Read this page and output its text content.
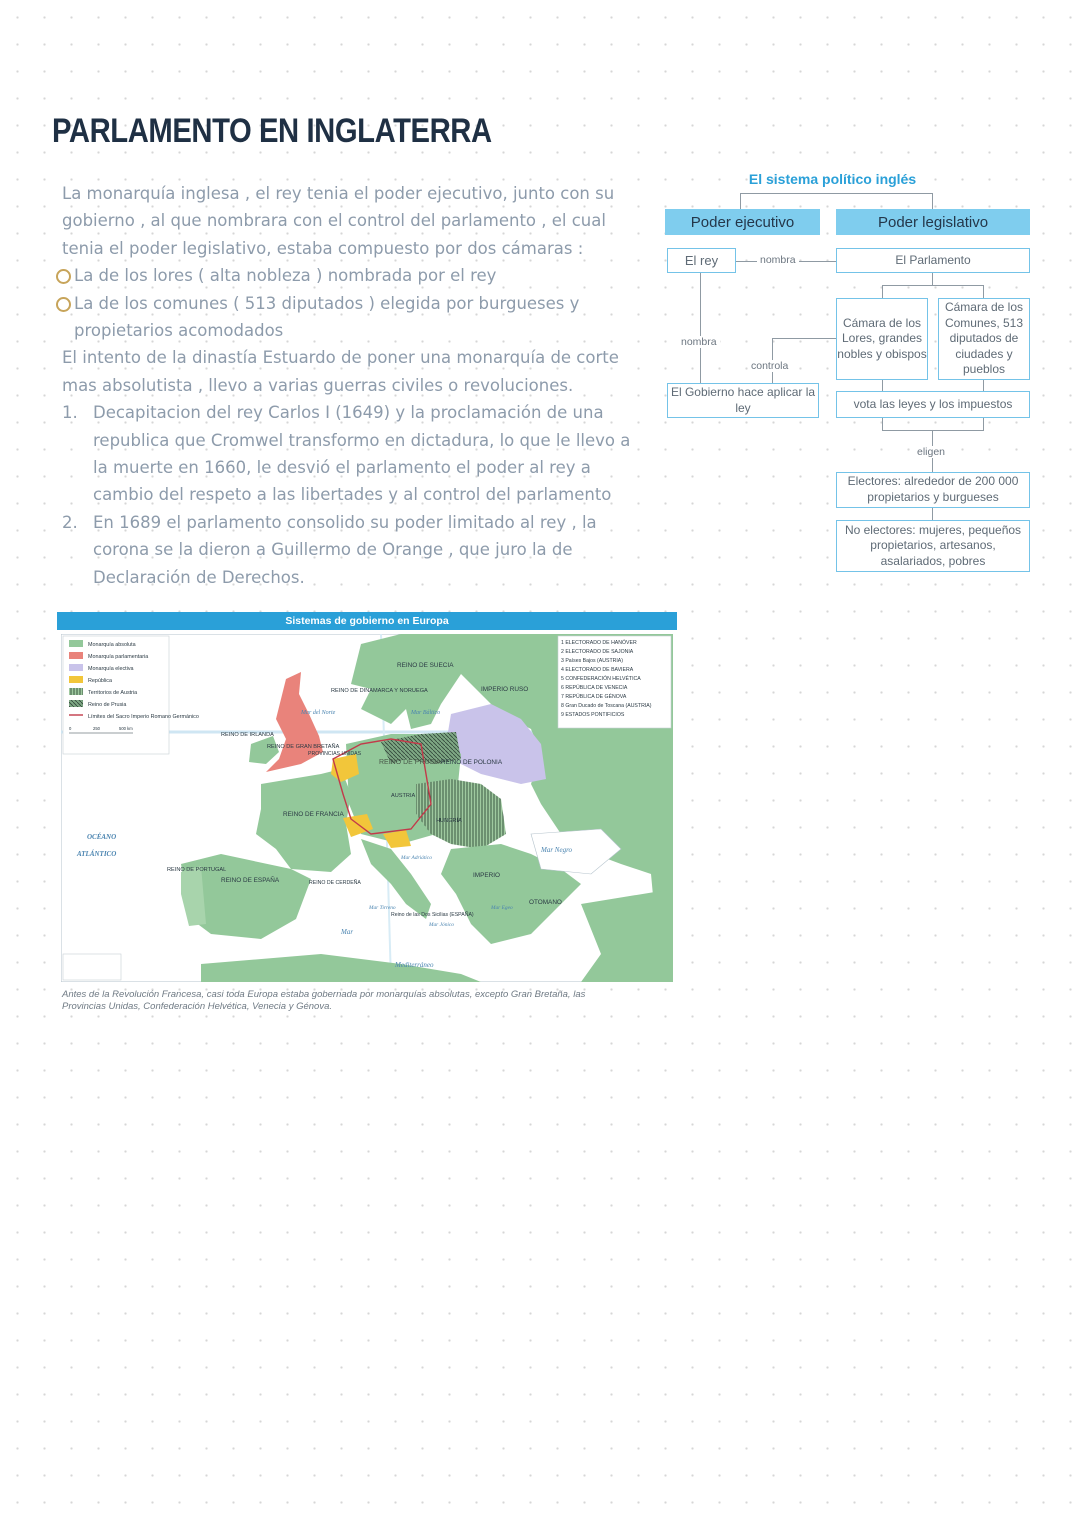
PARLAMENTO EN INGLATERRA

La monarquía inglesa , el rey tenia el poder ejecutivo, junto con su gobierno , al que nombrara con el control del parlamento , el cual tenia el poder legislativo, estaba compuesto por dos cámaras :

La de los lores ( alta nobleza ) nombrada por el rey

La de los comunes ( 513 diputados ) elegida por burgueses y propietarios acomodados

El intento de la dinastía Estuardo de poner una monarquía de corte mas absolutista , llevo a varias guerras civiles o revoluciones.

1. Decapitacion del rey Carlos I (1649) y la proclamación de una republica que Cromwel transformo en dictadura, lo que le llevo a la muerte en 1660, le desvió el parlamento el poder al rey a cambio del respeto a las libertades y al control del parlamento
2. En 1689 el parlamento consolido su poder limitado al rey , la corona se la dieron a Guillermo de Orange , que juro la de Declaración de Derechos.
El sistema político inglés
Poder ejecutivo	Poder legislativo
El rey	nombra	El Parlamento
Cámara de los Lores, grandes nobles y obispos
Cámara de los Comunes, 513 diputados de ciudades y pueblos
nombra
controla
El Gobierno hace aplicar la ley	vota las leyes y los impuestos
eligen
Electores: alrededor de 200 000 propietarios y burgueses
No electores: mujeres, pequeños propietarios, artesanos, asalariados, pobres
Sistemas de gobierno en Europa
Monarquía absoluta
Monarquía parlamentaria
Monarquía electiva
República
Territorios de Austria
Reino de Prusia
Límites del Sacro Imperio Romano Germánico
0	250	500 km
1 ELECTORADO DE HANÓVER
2 ELECTORADO DE SAJONIA
3 Países Bajos (AUSTRIA)
4 ELECTORADO DE BAVIERA
5 CONFEDERACIÓN HELVÉTICA
6 REPÚBLICA DE VENECIA
7 REPÚBLICA DE GÉNOVA
8 Gran Ducado de Toscana (AUSTRIA)
9 ESTADOS PONTIFICIOS
REINO DE SUECIA
IMPERIO RUSO
REINO DE DINAMARCA Y NORUEGA
REINO DE IRLANDA
REINO DE GRAN BRETAÑA
PROVINCIAS UNIDAS
REINO DE PRUSIA REINO DE POLONIA
AUSTRIA
HUNGRÍA
REINO DE FRANCIA
REINO DE PORTUGAL
REINO DE ESPAÑA	REINO DE CERDEÑA
Reino de las Dos Sicilias (ESPAÑA)
IMPERIO
OTOMANO
Mar del Norte	Mar Báltico
OCÉANO
ATLÁNTICO	Mar Negro
Mar Adriático
Mar Tirreno
Mar Jónico
Mar Egeo
Mar
Mediterráneo
Antes de la Revolución Francesa, casi toda Europa estaba gobernada por monarquías absolutas, excepto Gran Bretaña, las Provincias Unidas, Confederación Helvética, Venecia y Génova.
